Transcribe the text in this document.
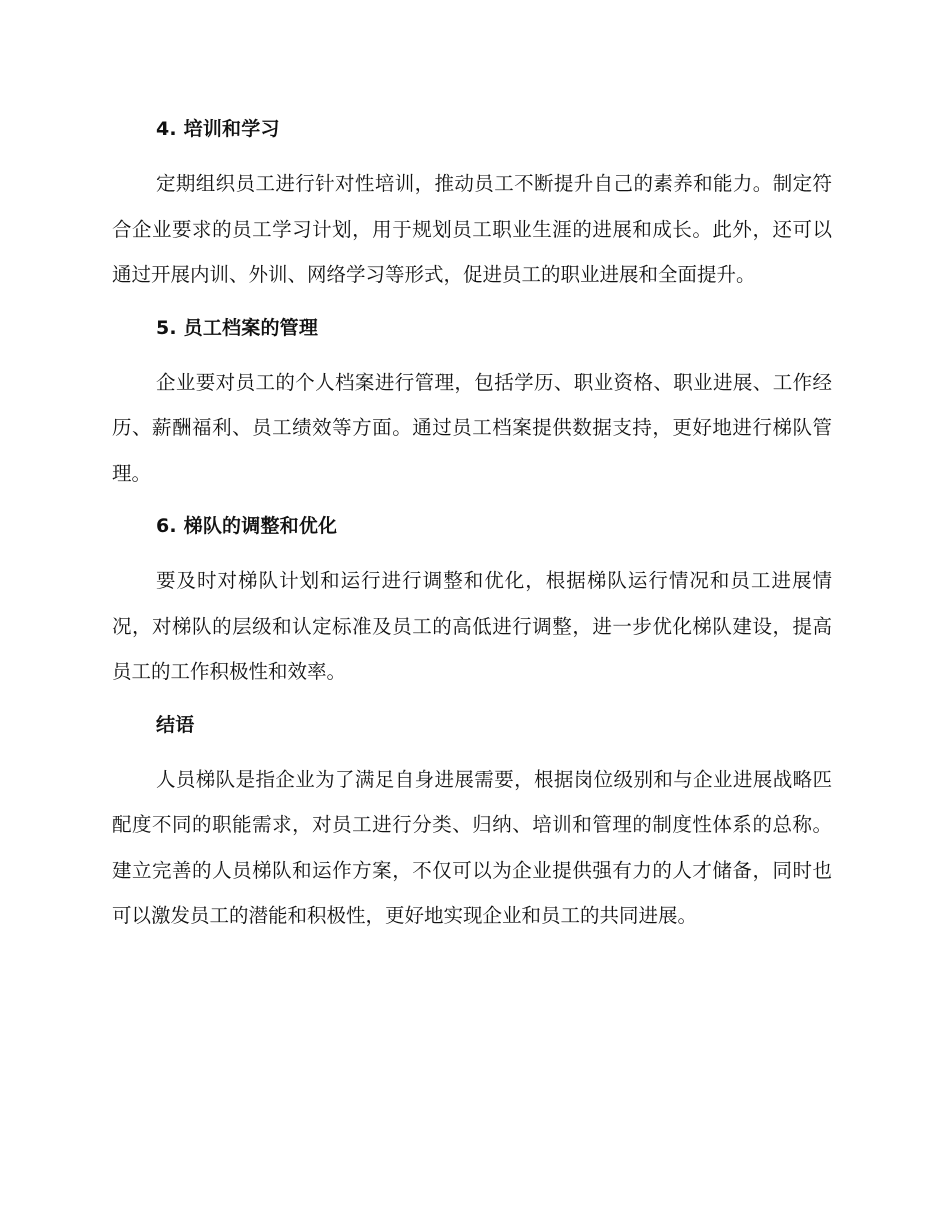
4. 培训和学习

定期组织员工进行针对性培训，推动员工不断提升自己的素养和能力。制定符合企业要求的员工学习计划，用于规划员工职业生涯的进展和成长。此外，还可以通过开展内训、外训、网络学习等形式，促进员工的职业进展和全面提升。

5. 员工档案的管理

企业要对员工的个人档案进行管理，包括学历、职业资格、职业进展、工作经历、薪酬福利、员工绩效等方面。通过员工档案提供数据支持，更好地进行梯队管理。

6. 梯队的调整和优化

要及时对梯队计划和运行进行调整和优化，根据梯队运行情况和员工进展情况，对梯队的层级和认定标准及员工的高低进行调整，进一步优化梯队建设，提高员工的工作积极性和效率。

结语

人员梯队是指企业为了满足自身进展需要，根据岗位级别和与企业进展战略匹配度不同的职能需求，对员工进行分类、归纳、培训和管理的制度性体系的总称。建立完善的人员梯队和运作方案，不仅可以为企业提供强有力的人才储备，同时也可以激发员工的潜能和积极性，更好地实现企业和员工的共同进展。
